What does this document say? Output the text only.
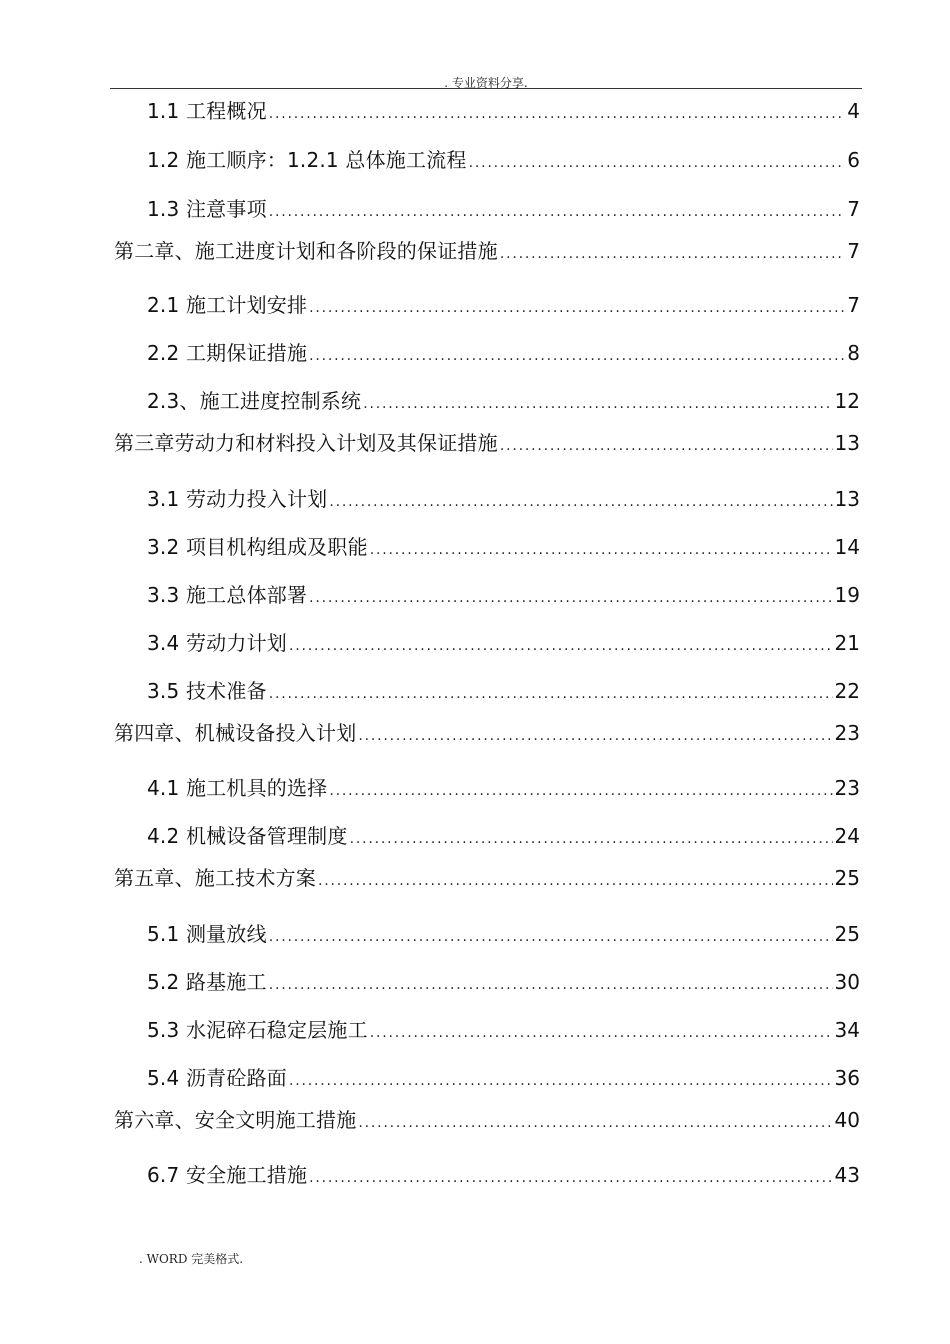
. 专业资料分享.
1.1 工程概况 .....	4
1.2 施工顺序：1.2.1 总体施工流程 .....	6
1.3 注意事项 .....	7
第二章、施工进度计划和各阶段的保证措施 .....	7
2.1 施工计划安排 .....	7
2.2 工期保证措施 .....	8
2.3、施工进度控制系统 .....	12
第三章劳动力和材料投入计划及其保证措施 .....	13
3.1 劳动力投入计划 .....	13
3.2 项目机构组成及职能 .....	14
3.3 施工总体部署 .....	19
3.4 劳动力计划 .....	21
3.5 技术准备 .....	22
第四章、机械设备投入计划 .....	23
4.1 施工机具的选择 .....	23
4.2 机械设备管理制度 .....	24
第五章、施工技术方案 .....	25
5.1 测量放线 .....	25
5.2 路基施工 .....	30
5.3 水泥碎石稳定层施工 .....	34
5.4 沥青砼路面 .....	36
第六章、安全文明施工措施 .....	40
6.7 安全施工措施 .....	43
. WORD 完美格式.
